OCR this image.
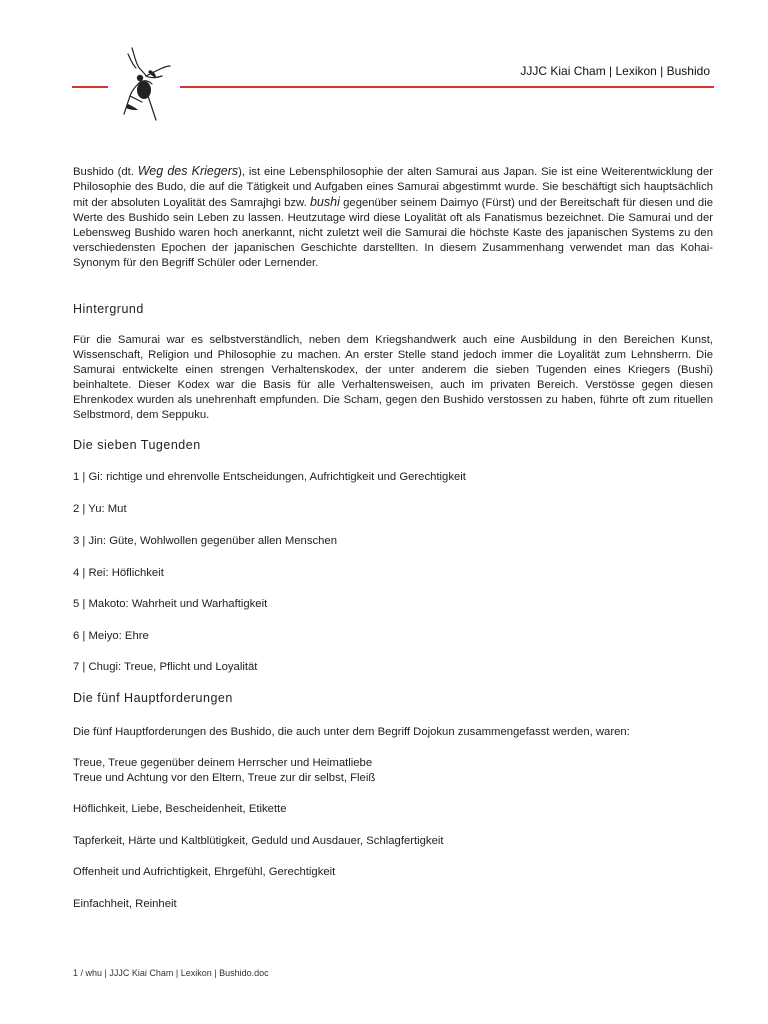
JJJC Kiai Cham | Lexikon | Bushido

Bushido (dt. Weg des Kriegers), ist eine Lebensphilosophie der alten Samurai aus Japan. Sie ist eine Weiterentwicklung der Philosophie des Budo, die auf die Tätigkeit und Aufgaben eines Samurai abgestimmt wurde. Sie beschäftigt sich hauptsächlich mit der absoluten Loyalität des Samrajhgi bzw. bushi gegenüber seinem Daimyo (Fürst) und der Bereitschaft für diesen und die Werte des Bushido sein Leben zu lassen. Heutzutage wird diese Loyalität oft als Fanatismus bezeichnet. Die Samurai und der Lebensweg Bushido waren hoch anerkannt, nicht zuletzt weil die Samurai die höchste Kaste des japanischen Systems zu den verschiedensten Epochen der japanischen Geschichte darstellten. In diesem Zusammenhang verwendet man das Kohai-Synonym für den Begriff Schüler oder Lernender.

Hintergrund

Für die Samurai war es selbstverständlich, neben dem Kriegshandwerk auch eine Ausbildung in den Bereichen Kunst, Wissenschaft, Religion und Philosophie zu machen. An erster Stelle stand jedoch immer die Loyalität zum Lehnsherrn. Die Samurai entwickelte einen strengen Verhaltenskodex, der unter anderem die sieben Tugenden eines Kriegers (Bushi) beinhaltete. Dieser Kodex war die Basis für alle Verhaltensweisen, auch im privaten Bereich. Verstösse gegen diesen Ehrenkodex wurden als unehrenhaft empfunden. Die Scham, gegen den Bushido verstossen zu haben, führte oft zum rituellen Selbstmord, dem Seppuku.

Die sieben Tugenden

1 | Gi: richtige und ehrenvolle Entscheidungen, Aufrichtigkeit und Gerechtigkeit

2 | Yu: Mut

3 | Jin: Güte, Wohlwollen gegenüber allen Menschen

4 | Rei: Höflichkeit

5 | Makoto: Wahrheit und Warhaftigkeit

6 | Meiyo: Ehre

7 | Chugi: Treue, Pflicht und Loyalität

Die fünf Hauptforderungen

Die fünf Hauptforderungen des Bushido, die auch unter dem Begriff Dojokun zusammengefasst werden, waren:

Treue, Treue gegenüber deinem Herrscher und Heimatliebe

Treue und Achtung vor den Eltern, Treue zur dir selbst, Fleiß

Höflichkeit, Liebe, Bescheidenheit, Etikette

Tapferkeit, Härte und Kaltblütigkeit, Geduld und Ausdauer, Schlagfertigkeit

Offenheit und Aufrichtigkeit, Ehrgefühl, Gerechtigkeit

Einfachheit, Reinheit

1 / whu | JJJC Kiai Cham | Lexikon | Bushido.doc
